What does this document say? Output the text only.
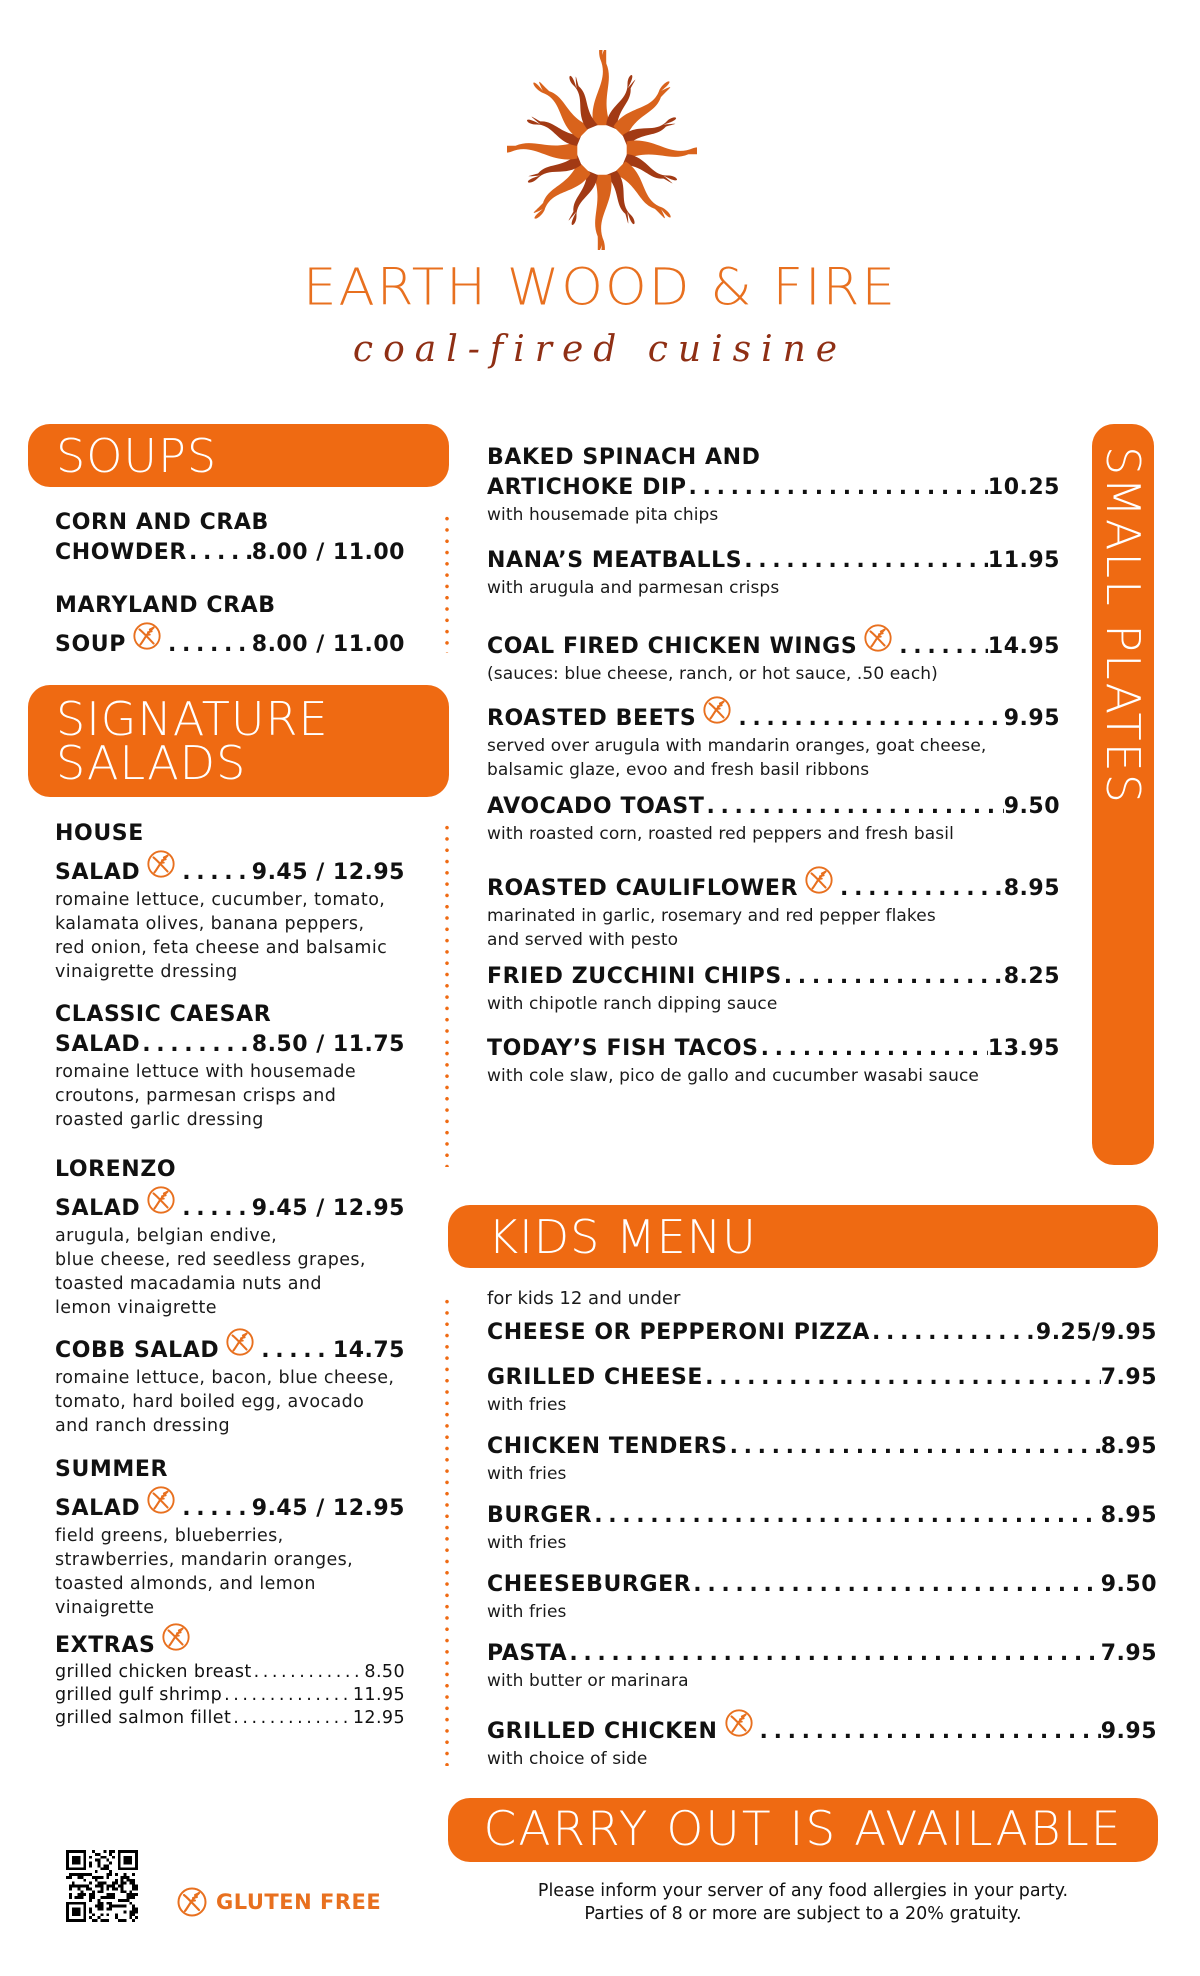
EARTH WOOD & FIRE
coal-fired cuisine
SOUPS
SIGNATURE
SALADS	SMALL PLATES
KIDS MENU
CARRY OUT IS AVAILABLE
CORN AND CRAB
CHOWDER . . .	8.00 / 11.00
MARYLAND CRAB
SOUP . . .	8.00 / 11.00
HOUSE
SALAD . . .	9.45 / 12.95
romaine lettuce, cucumber, tomato,
kalamata olives, banana peppers,
red onion, feta cheese and balsamic
vinaigrette dressing
CLASSIC CAESAR
SALAD . . .	8.50 / 11.75
romaine lettuce with housemade
croutons, parmesan crisps and
roasted garlic dressing
LORENZO
SALAD . . .	9.45 / 12.95
arugula, belgian endive,
blue cheese, red seedless grapes,
toasted macadamia nuts and
lemon vinaigrette
COBB SALAD . . .	14.75
romaine lettuce, bacon, blue cheese,
tomato, hard boiled egg, avocado
and ranch dressing
SUMMER
SALAD . . .	9.45 / 12.95
field greens, blueberries,
strawberries, mandarin oranges,
toasted almonds, and lemon
vinaigrette
EXTRAS
grilled chicken breast . . .	8.50
grilled gulf shrimp . . .	11.95
grilled salmon fillet . . .	12.95
BAKED SPINACH AND
ARTICHOKE DIP . . .	10.25
with housemade pita chips
NANA’S MEATBALLS . . .	11.95
with arugula and parmesan crisps
COAL FIRED CHICKEN WINGS . . .	14.95
(sauces: blue cheese, ranch, or hot sauce, .50 each)
ROASTED BEETS . . .	9.95
served over arugula with mandarin oranges, goat cheese,
balsamic glaze, evoo and fresh basil ribbons
AVOCADO TOAST . . .	9.50
with roasted corn, roasted red peppers and fresh basil
ROASTED CAULIFLOWER . . .	8.95
marinated in garlic, rosemary and red pepper flakes
and served with pesto
FRIED ZUCCHINI CHIPS . . .	8.25
with chipotle ranch dipping sauce
TODAY’S FISH TACOS . . .	13.95
with cole slaw, pico de gallo and cucumber wasabi sauce
for kids 12 and under
CHEESE OR PEPPERONI PIZZA . . .	9.25/9.95
GRILLED CHEESE . . .	7.95
with fries
CHICKEN TENDERS . . .	8.95
with fries
BURGER . . .	8.95
with fries
CHEESEBURGER . . .	9.50
with fries
PASTA . . .	7.95
with butter or marinara
GRILLED CHICKEN . . .	9.95
with choice of side
GLUTEN FREE	Please inform your server of any food allergies in your party.
Parties of 8 or more are subject to a 20% gratuity.
